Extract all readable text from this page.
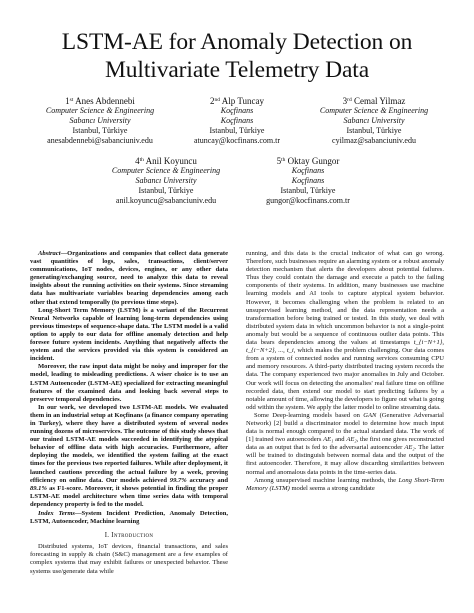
LSTM-AE for Anomaly Detection on Multivariate Telemetry Data
1st Anes Abdennebi
Computer Science & Engineering
Sabancı University
Istanbul, Türkiye
anesabdennebi@sabanciuniv.edu
2nd Alp Tuncay
Koçfinans
Koçfinans
Istanbul, Türkiye
atuncay@kocfinans.com.tr
3rd Cemal Yilmaz
Computer Science & Engineering
Sabancı University
Istanbul, Türkiye
cyilmaz@sabanciuniv.edu
4th Anil Koyuncu
Computer Science & Engineering
Sabancı University
Istanbul, Türkiye
anil.koyuncu@sabanciuniv.edu
5th Oktay Gungor
Koçfinans
Koçfinans
Istanbul, Türkiye
gungor@kocfinans.com.tr

Abstract—Organizations and companies that collect data generate vast quantities of logs, sales, transactions, client/server communications, IoT nodes, devices, engines, or any other data generating/exchanging source, need to analyze this data to reveal insights about the running activities on their systems. Since streaming data has multivariate variables bearing dependencies among each other that extend temporally (to previous time steps).

Long-Short Term Memory (LSTM) is a variant of the Recurrent Neural Networks capable of learning long-term dependencies using previous timesteps of sequence-shape data. The LSTM model is a valid option to apply to our data for offline anomaly detection and help foresee future system incidents. Anything that negatively affects the system and the services provided via this system is considered an incident.

Moreover, the raw input data might be noisy and improper for the model, leading to misleading predictions. A wiser choice is to use an LSTM Autoencoder (LSTM-AE) specialized for extracting meaningful features of the examined data and looking back several steps to preserve temporal dependencies.

In our work, we developed two LSTM-AE models. We evaluated them in an industrial setup at Koçfinans (a finance company operating in Turkey), where they have a distributed system of several nodes running dozens of microservices. The outcome of this study shows that our trained LSTM-AE models succeeded in identifying the atypical behavior of offline data with high accuracies. Furthermore, after deploying the models, we identified the system failing at the exact times for the previous two reported failures. While after deployment, it launched cautions preceding the actual failure by a week, proving efficiency on online data. Our models achieved 99.7% accuracy and 89.1% as F1-score. Moreover, it shows potential in finding the proper LSTM-AE model architecture when time series data with temporal dependency property is fed to the model.

Index Terms—System Incident Prediction, Anomaly Detection, LSTM, Autoencoder, Machine learning

I. Introduction

Distributed systems, IoT devices, financial transactions, and sales forecasting in supply & chain (S&C) management are a few examples of complex systems that may exhibit failures or unexpected behavior. These systems use/generate data while

running, and this data is the crucial indicator of what can go wrong. Therefore, such businesses require an alarming system or a robust anomaly detection mechanism that alerts the developers about potential failures. Thus they could contain the damage and execute a patch to the failing components of their systems. In addition, many businesses use machine learning models and AI tools to capture atypical system behavior. However, it becomes challenging when the problem is related to an unsupervised learning method, and the data representation needs a transformation before being trained or tested. In this study, we deal with distributed system data in which uncommon behavior is not a single-point anomaly but would be a sequence of continuous outlier data points. This data bears dependencies among the values at timestamps t_{i−N+1}, t_{i−N+2}, ..., t_i, which makes the problem challenging. Our data comes from a system of connected nodes and running services consuming CPU and memory resources. A third-party distributed tracing system records the data. The company experienced two major anomalies in July and October. Our work will focus on detecting the anomalies' real failure time on offline recorded data, then extend our model to start predicting failures by a notable amount of time, allowing the developers to figure out what is going odd within the system. We apply the latter model to online streaming data.

Some Deep-learning models based on GAN (Generative Adversarial Network) [2] build a discriminator model to determine how much input data is normal enough compared to the actual standard data. The work of [1] trained two autoencoders AE₁ and AE₂, the first one gives reconstructed data as an output that is fed to the adversarial autoencoder AE₂. The latter will be trained to distinguish between normal data and the output of the first autoencoder. Therefore, it may allow discarding similarities between normal and anomalous data points in the time-series data.

Among unsupervised machine learning methods, the Long Short-Term Memory (LSTM) model seems a strong candidate
